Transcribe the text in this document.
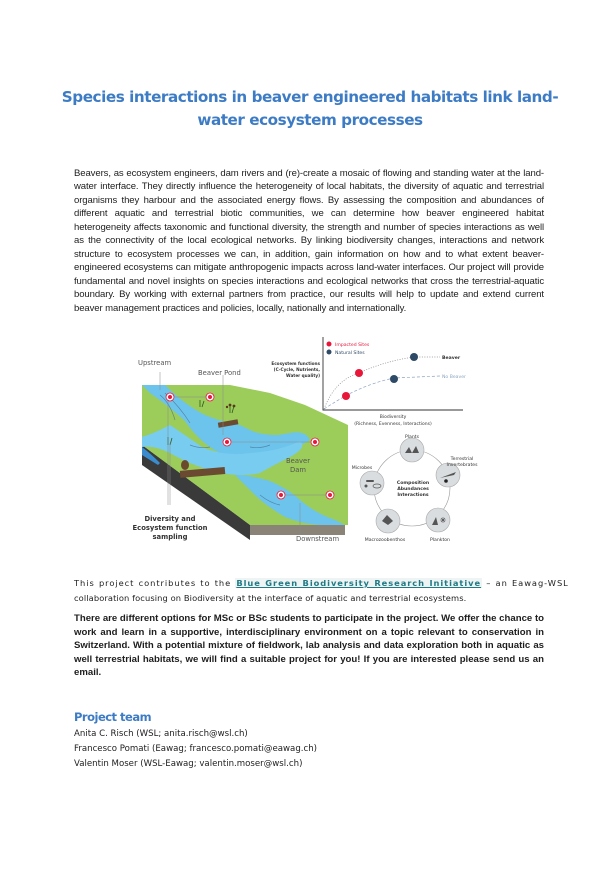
Species interactions in beaver engineered habitats link land-water ecosystem processes

Beavers, as ecosystem engineers, dam rivers and (re)-create a mosaic of flowing and standing water at the land-water interface. They directly influence the heterogeneity of local habitats, the diversity of aquatic and terrestrial organisms they harbour and the associated energy flows. By assessing the composition and abundances of different aquatic and terrestrial biotic communities, we can determine how beaver engineered habitat heterogeneity affects taxonomic and functional diversity, the strength and number of species interactions as well as the connectivity of the local ecological networks. By linking biodiversity changes, interactions and network structure to ecosystem processes we can, in addition, gain information on how and to what extent beaver-engineered ecosystems can mitigate anthropogenic impacts across land-water interfaces. Our project will provide fundamental and novel insights on species interactions and ecological networks that cross the terrestrial-aquatic boundary. By working with external partners from practice, our results will help to update and extend current beaver management practices and policies, locally, nationally and internationally.

Upstream
Beaver Pond
Beaver
Dam
Downstream
Diversity and
Ecosystem function
sampling
Impacted Sites
Natural Sites
Ecosystem functions
(C-Cycle, Nutrients,
Water quality)
Beaver
No Beaver
Biodiversity
(Richness, Evenness, Interactions)
Plants
Terrestrial
Invertebrates
Microbes
Macrozoobenthos	Plankton
Composition
Abundances
Interactions
This project contributes to the Blue Green Biodiversity Research Initiative – an Eawag-WSL
collaboration focusing on Biodiversity at the interface of aquatic and terrestrial ecosystems.

There are different options for MSc or BSc students to participate in the project. We offer the chance to work and learn in a supportive, interdisciplinary environment on a topic relevant to conservation in Switzerland. With a potential mixture of fieldwork, lab analysis and data exploration both in aquatic as well terrestrial habitats, we will find a suitable project for you! If you are interested please send us an email.

Project team
Anita C. Risch (WSL; anita.risch@wsl.ch)
Francesco Pomati (Eawag; francesco.pomati@eawag.ch)
Valentin Moser (WSL-Eawag; valentin.moser@wsl.ch)
